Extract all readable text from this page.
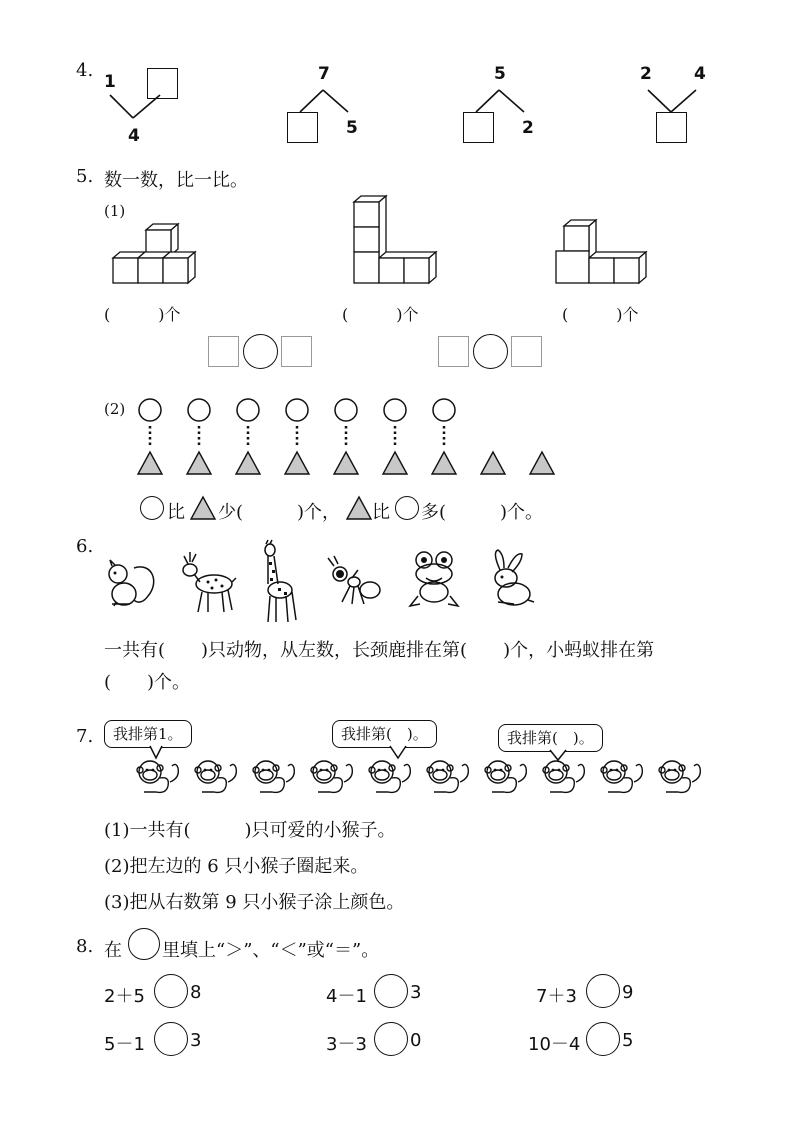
4.
1
4
7
5
5
2
2 4
5. 数一数，比一比。
(1)
(　　　)个	(　　　)个	(　　　)个
(2)
比 少(　　　)个， 比 多(　　　)个。
6.
一共有(　　)只动物，从左数，长颈鹿排在第(　　)个，小蚂蚁排在第
(　　)个。
7.	我排第1。	我排第(　)。	我排第(　)。
(1)一共有(　　　)只可爱的小猴子。
(2)把左边的 6 只小猴子圈起来。
(3)把从右数第 9 只小猴子涂上颜色。
8. 在 里填上“＞”、“＜”或“＝”。
2＋5	8	4－1 3	7＋3	9
5－1	3	3－3 0	10－4 5
